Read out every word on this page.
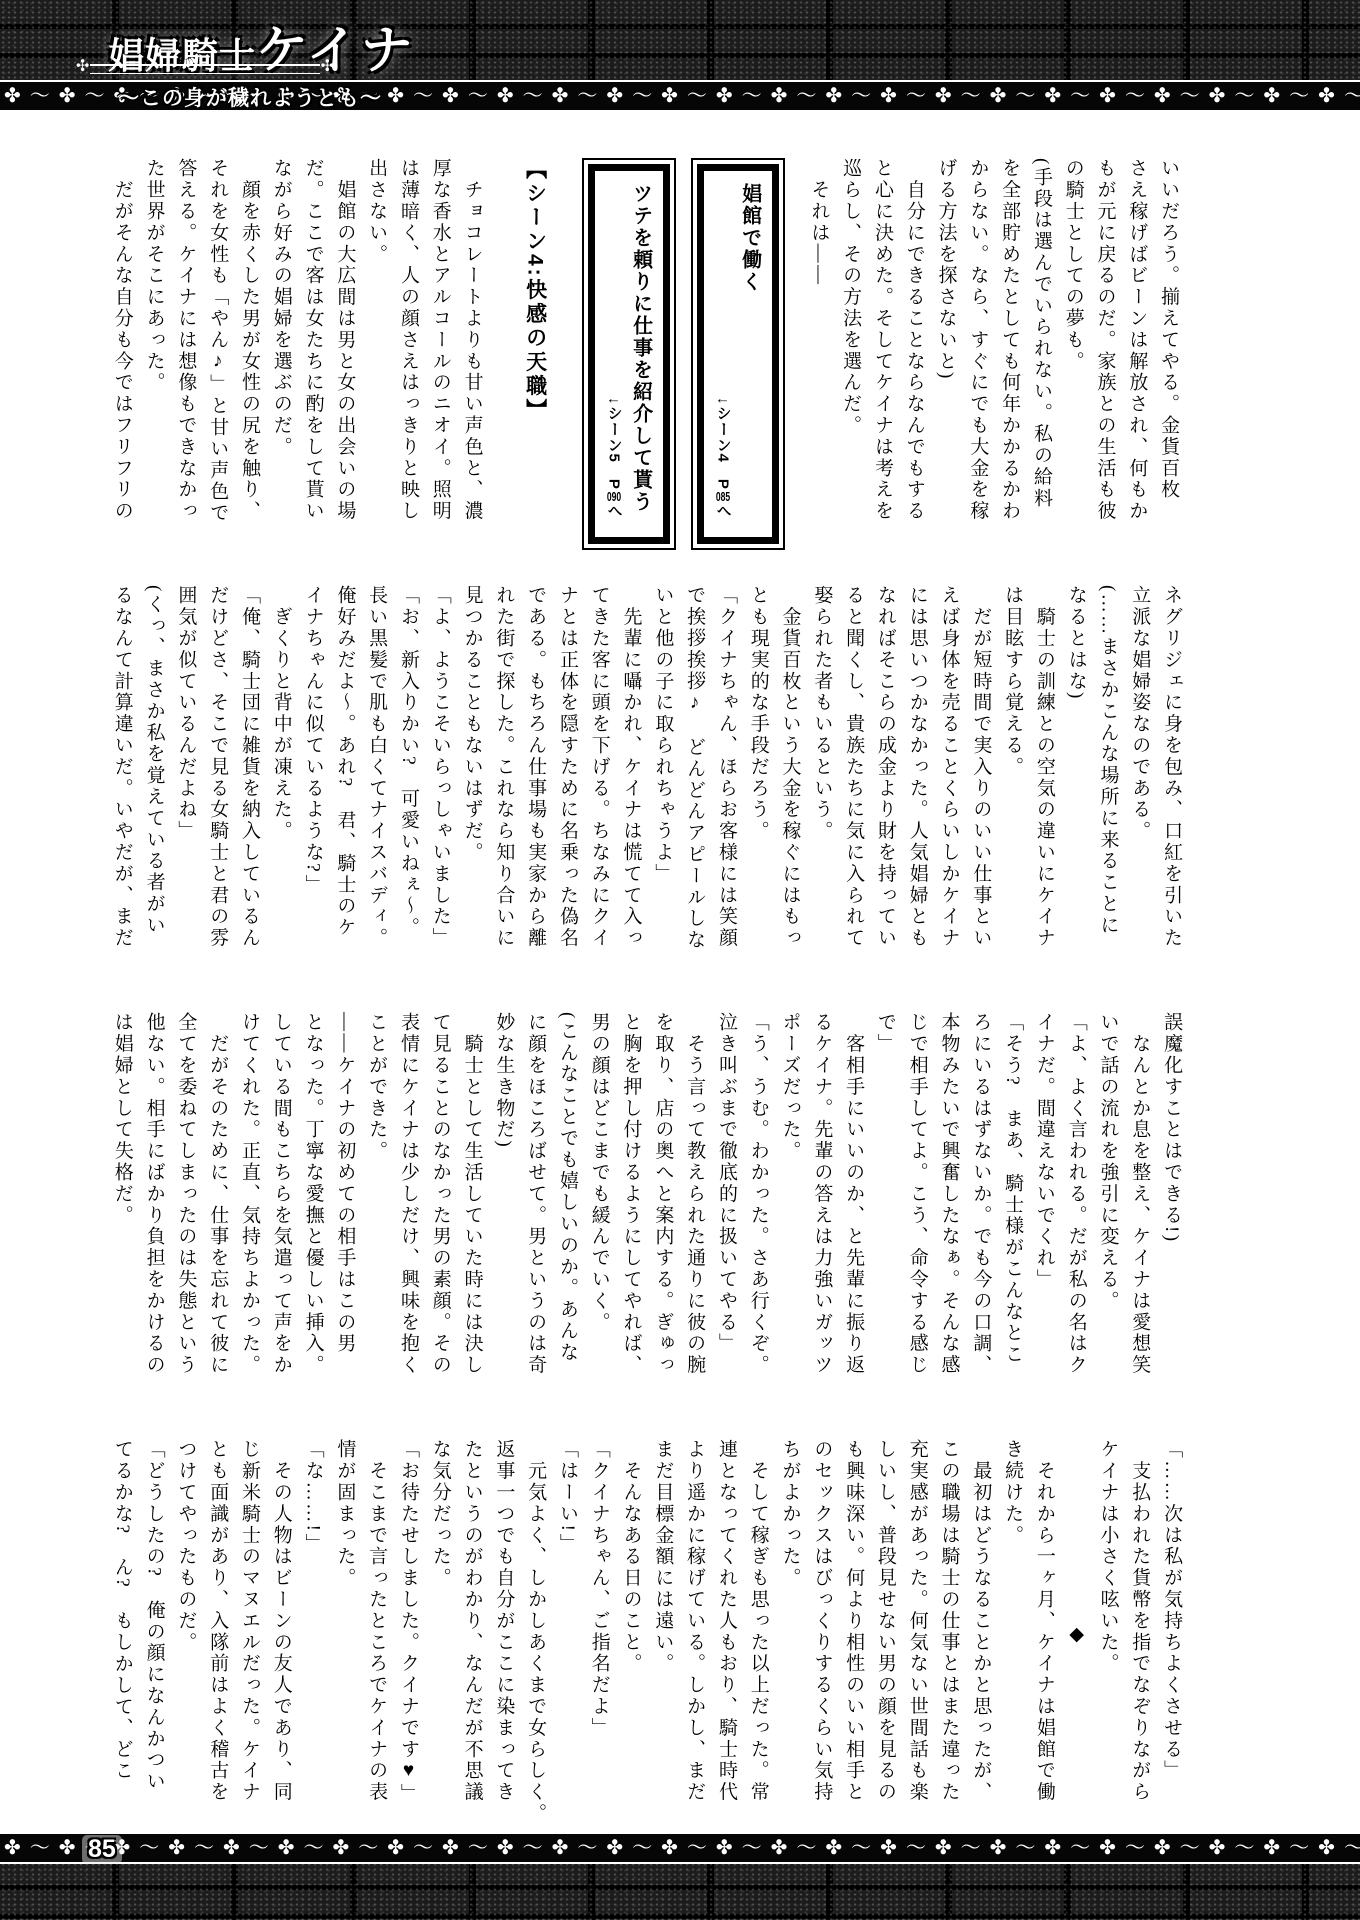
娼婦騎士ケイナ
✣ ✣
〜この身が穢れようとも〜
✤〜✤〜✤〜✤〜✤〜✤〜✤〜✤〜✤〜✤〜✤〜✤〜✤〜✤〜✤〜✤〜✤〜✤〜✤〜✤〜✤〜✤〜✤〜✤〜✤〜✤〜✤〜✤〜✤〜✤〜✤〜✤〜✤

いいだろう。揃えてやる。金貨百枚

さえ稼げばビーンは解放され、何もか

もが元に戻るのだ。家族との生活も彼

の騎士としての夢も。

(手段は選んでいられない。私の給料

を全部貯めたとしても何年かかるかわ

からない。なら、すぐにでも大金を稼

げる方法を探さないと)

　自分にできることならなんでもする

と心に決めた。そしてケイナは考えを

巡らし、その方法を選んだ。

　それは――

娼館で働く

↓シーン4　P085へ

ツテを頼りに仕事を紹介して貰う

↓シーン5　P090へ

【シーン4:快感の天職】

　チョコレートよりも甘い声色と、濃

厚な香水とアルコールのニオイ。照明

は薄暗く、人の顔さえはっきりと映し

出さない。

　娼館の大広間は男と女の出会いの場

だ。ここで客は女たちに酌をして貰い

ながら好みの娼婦を選ぶのだ。

　顔を赤くした男が女性の尻を触り、

それを女性も「やん♪」と甘い声色で

答える。ケイナには想像もできなかっ

た世界がそこにあった。

　だがそんな自分も今ではフリフリの

ネグリジェに身を包み、口紅を引いた

立派な娼婦姿なのである。

(……まさかこんな場所に来ることに

なるとはな)

　騎士の訓練との空気の違いにケイナ

は目眩すら覚える。

　だが短時間で実入りのいい仕事とい

えば身体を売ることくらいしかケイナ

には思いつかなかった。人気娼婦とも

なればそこらの成金より財を持ってい

ると聞くし、貴族たちに気に入られて

娶られた者もいるという。

　金貨百枚という大金を稼ぐにはもっ

とも現実的な手段だろう。

「クイナちゃん、ほらお客様には笑顔

で挨拶挨拶♪　どんどんアピールしな

いと他の子に取られちゃうよ」

　先輩に囁かれ、ケイナは慌てて入っ

てきた客に頭を下げる。ちなみにクイ

ナとは正体を隠すために名乗った偽名

である。もちろん仕事場も実家から離

れた街で探した。これなら知り合いに

見つかることもないはずだ。

「よ、ようこそいらっしゃいました」

「お、新入りかい?　可愛いねぇ〜。

長い黒髪で肌も白くてナイスバディ。

俺好みだよ〜。あれ?　君、騎士のケ

イナちゃんに似ているような?」

　ぎくりと背中が凍えた。

「俺、騎士団に雑貨を納入しているん

だけどさ、そこで見る女騎士と君の雰

囲気が似ているんだよね」

(くっ、まさか私を覚えている者がい

るなんて計算違いだ。いやだが、まだ

誤魔化すことはできる!)

　なんとか息を整え、ケイナは愛想笑

いで話の流れを強引に変える。

「よ、よく言われる。だが私の名はク

イナだ。間違えないでくれ」

「そう?　まあ、騎士様がこんなとこ

ろにいるはずないか。でも今の口調、

本物みたいで興奮したなぁ。そんな感

じで相手してよ。こう、命令する感じ

で」

　客相手にいいのか、と先輩に振り返

るケイナ。先輩の答えは力強いガッツ

ポーズだった。

「う、うむ。わかった。さあ行くぞ。

泣き叫ぶまで徹底的に扱いてやる」

　そう言って教えられた通りに彼の腕

を取り、店の奥へと案内する。ぎゅっ

と胸を押し付けるようにしてやれば、

男の顔はどこまでも緩んでいく。

(こんなことでも嬉しいのか。あんな

に顔をほころばせて。男というのは奇

妙な生き物だ)

　騎士として生活していた時には決し

て見ることのなかった男の素顔。その

表情にケイナは少しだけ、興味を抱く

ことができた。

――ケイナの初めての相手はこの男

となった。丁寧な愛撫と優しい挿入。

している間もこちらを気遣って声をか

けてくれた。正直、気持ちよかった。

　だがそのために、仕事を忘れて彼に

全てを委ねてしまったのは失態という

他ない。相手にばかり負担をかけるの

は娼婦として失格だ。

「……次は私が気持ちよくさせる」

　支払われた貨幣を指でなぞりながら

ケイナは小さく呟いた。

◆

　それから一ヶ月、ケイナは娼館で働

き続けた。

　最初はどうなることかと思ったが、

この職場は騎士の仕事とはまた違った

充実感があった。何気ない世間話も楽

しいし、普段見せない男の顔を見るの

も興味深い。何より相性のいい相手と

のセックスはびっくりするくらい気持

ちがよかった。

　そして稼ぎも思った以上だった。常

連となってくれた人もおり、騎士時代

より遥かに稼げている。しかし、まだ

まだ目標金額には遠い。

　そんなある日のこと。

「クイナちゃん、ご指名だよ」

「はーい!」

　元気よく、しかしあくまで女らしく。

返事一つでも自分がここに染まってき

たというのがわかり、なんだが不思議

な気分だった。

「お待たせしました。クイナです♥」

　そこまで言ったところでケイナの表

情が固まった。

「な……!」

　その人物はビーンの友人であり、同

じ新米騎士のマヌエルだった。ケイナ

とも面識があり、入隊前はよく稽古を

つけてやったものだ。

「どうしたの?　俺の顔になんかつい

てるかな?　ん?　もしかして、どこ

✤〜✤〜✤〜✤〜✤〜✤〜✤〜✤〜✤〜✤〜✤〜✤〜✤〜✤〜✤〜✤〜✤〜✤〜✤〜✤〜✤〜✤〜✤〜✤〜✤〜✤〜✤〜✤〜✤〜✤〜✤〜✤〜✤
85
